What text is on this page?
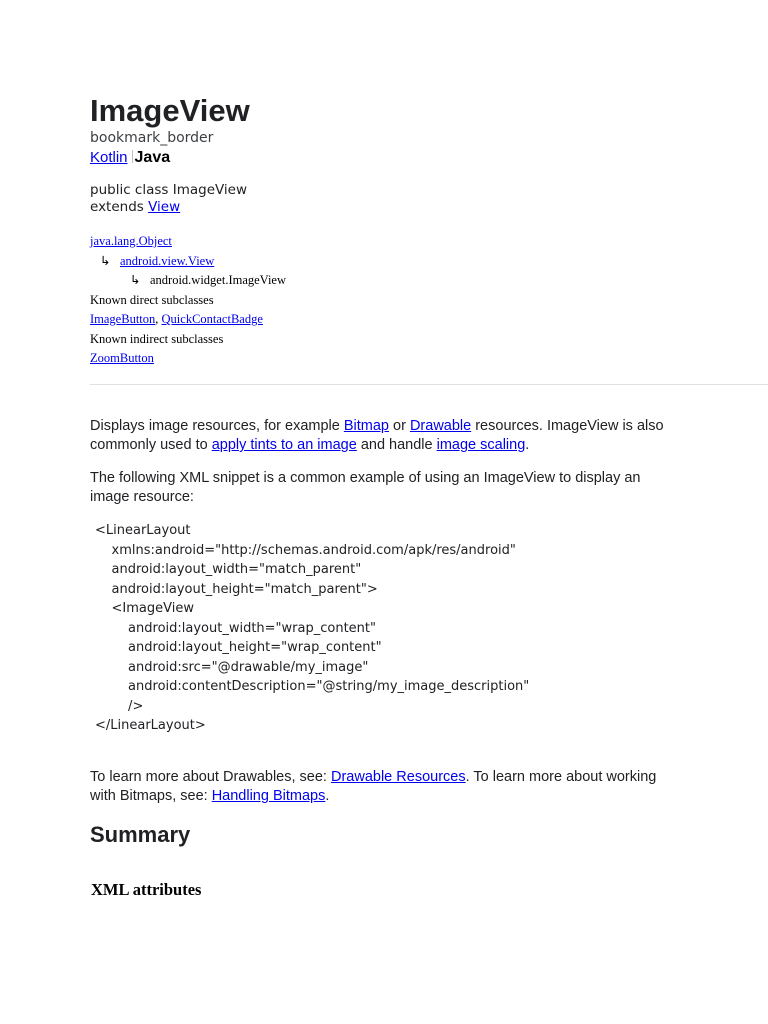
ImageView
bookmark_border
Kotlin Java
public class ImageView
extends View
java.lang.Object
↳ android.view.View
↳ android.widget.ImageView
Known direct subclasses
ImageButton, QuickContactBadge
Known indirect subclasses
ZoomButton
Displays image resources, for example Bitmap or Drawable resources. ImageView is also commonly used to apply tints to an image and handle image scaling.
The following XML snippet is a common example of using an ImageView to display an image resource:
<LinearLayout
xmlns:android="http://schemas.android.com/apk/res/android"
android:layout_width="match_parent"
android:layout_height="match_parent">
<ImageView
android:layout_width="wrap_content"
android:layout_height="wrap_content"
android:src="@drawable/my_image"
android:contentDescription="@string/my_image_description"
/>
</LinearLayout>
To learn more about Drawables, see: Drawable Resources. To learn more about working with Bitmaps, see: Handling Bitmaps.
Summary
XML attributes
